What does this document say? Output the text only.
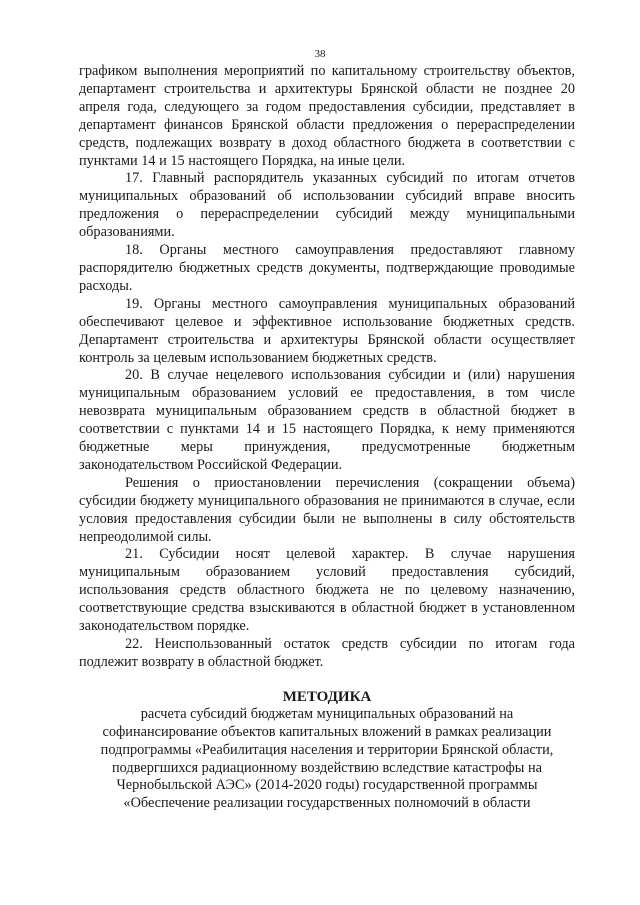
38

графиком выполнения мероприятий по капитальному строительству объектов, департамент строительства и архитектуры Брянской области не позднее 20 апреля года, следующего за годом предоставления субсидии, представляет в департамент финансов Брянской области предложения о перераспределении средств, подлежащих возврату в доход областного бюджета в соответствии с пунктами 14 и 15 настоящего Порядка, на иные цели.

17. Главный распорядитель указанных субсидий по итогам отчетов муниципальных образований об использовании субсидий вправе вносить предложения о перераспределении субсидий между муниципальными образованиями.

18. Органы местного самоуправления предоставляют главному распорядителю бюджетных средств документы, подтверждающие проводимые расходы.

19. Органы местного самоуправления муниципальных образований обеспечивают целевое и эффективное использование бюджетных средств. Департамент строительства и архитектуры Брянской области осуществляет контроль за целевым использованием бюджетных средств.

20. В случае нецелевого использования субсидии и (или) нарушения муниципальным образованием условий ее предоставления, в том числе невозврата муниципальным образованием средств в областной бюджет в соответствии с пунктами 14 и 15 настоящего Порядка, к нему применяются бюджетные меры принуждения, предусмотренные бюджетным законодательством Российской Федерации.

Решения о приостановлении перечисления (сокращении объема) субсидии бюджету муниципального образования не принимаются в случае, если условия предоставления субсидии были не выполнены в силу обстоятельств непреодолимой силы.

21. Субсидии носят целевой характер. В случае нарушения муниципальным образованием условий предоставления субсидий, использования средств областного бюджета не по целевому назначению, соответствующие средства взыскиваются в областной бюджет в установленном законодательством порядке.

22. Неиспользованный остаток средств субсидии по итогам года подлежит возврату в областной бюджет.

МЕТОДИКА
расчета субсидий бюджетам муниципальных образований на
софинансирование объектов капитальных вложений в рамках реализации
подпрограммы «Реабилитация населения и территории Брянской области,
подвергшихся радиационному воздействию вследствие катастрофы на
Чернобыльской АЭС» (2014-2020 годы) государственной программы
«Обеспечение реализации государственных полномочий в области
